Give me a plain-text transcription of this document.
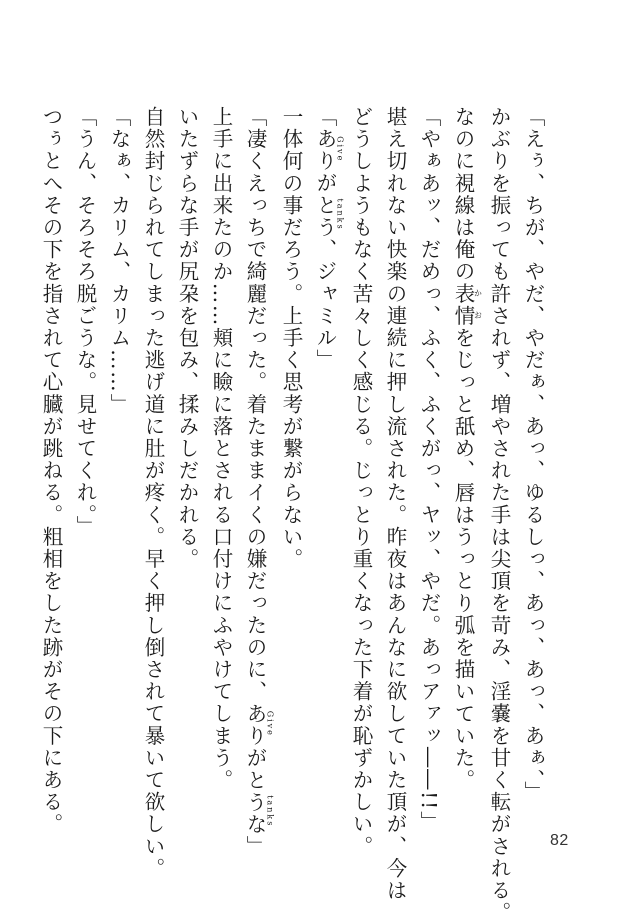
「えぅ、ちが、やだ、やだぁ、あっ、ゆるしっ、あっ、あっ、あぁ、」
かぶりを振っても許されず、増やされた手は尖頂を苛み、淫嚢を甘く転がされる。
なのに視線は俺の表情かおをじっと舐め、唇はうっとり弧を描いていた。
「やぁあッ、だめっ、ふく、ふくがっ、ヤッ、やだ。あっアァッ――!!」
堪え切れない快楽の連続に押し流された。昨夜はあんなに欲していた頂が、今は
どうしようもなく苦々しく感じる。じっとり重くなった下着が恥ずかしい。
「ありがとうGive tanks、ジャミル」
一体何の事だろう。上手く思考が繋がらない。
「凄くえっちで綺麗だった。着たままイくの嫌だったのに、ありがとうなGive tanks」
上手に出来たのか……頬に瞼に落とされる口付けにふやけてしまう。
いたずらな手が尻朶を包み、揉みしだかれる。
自然封じられてしまった逃げ道に肚が疼く。早く押し倒されて暴いて欲しい。
「なぁ、カリム、カリム……」
「うん、そろそろ脱ごうな。見せてくれ。」
つぅとへその下を指されて心臓が跳ねる。粗相をした跡がその下にある。
82
